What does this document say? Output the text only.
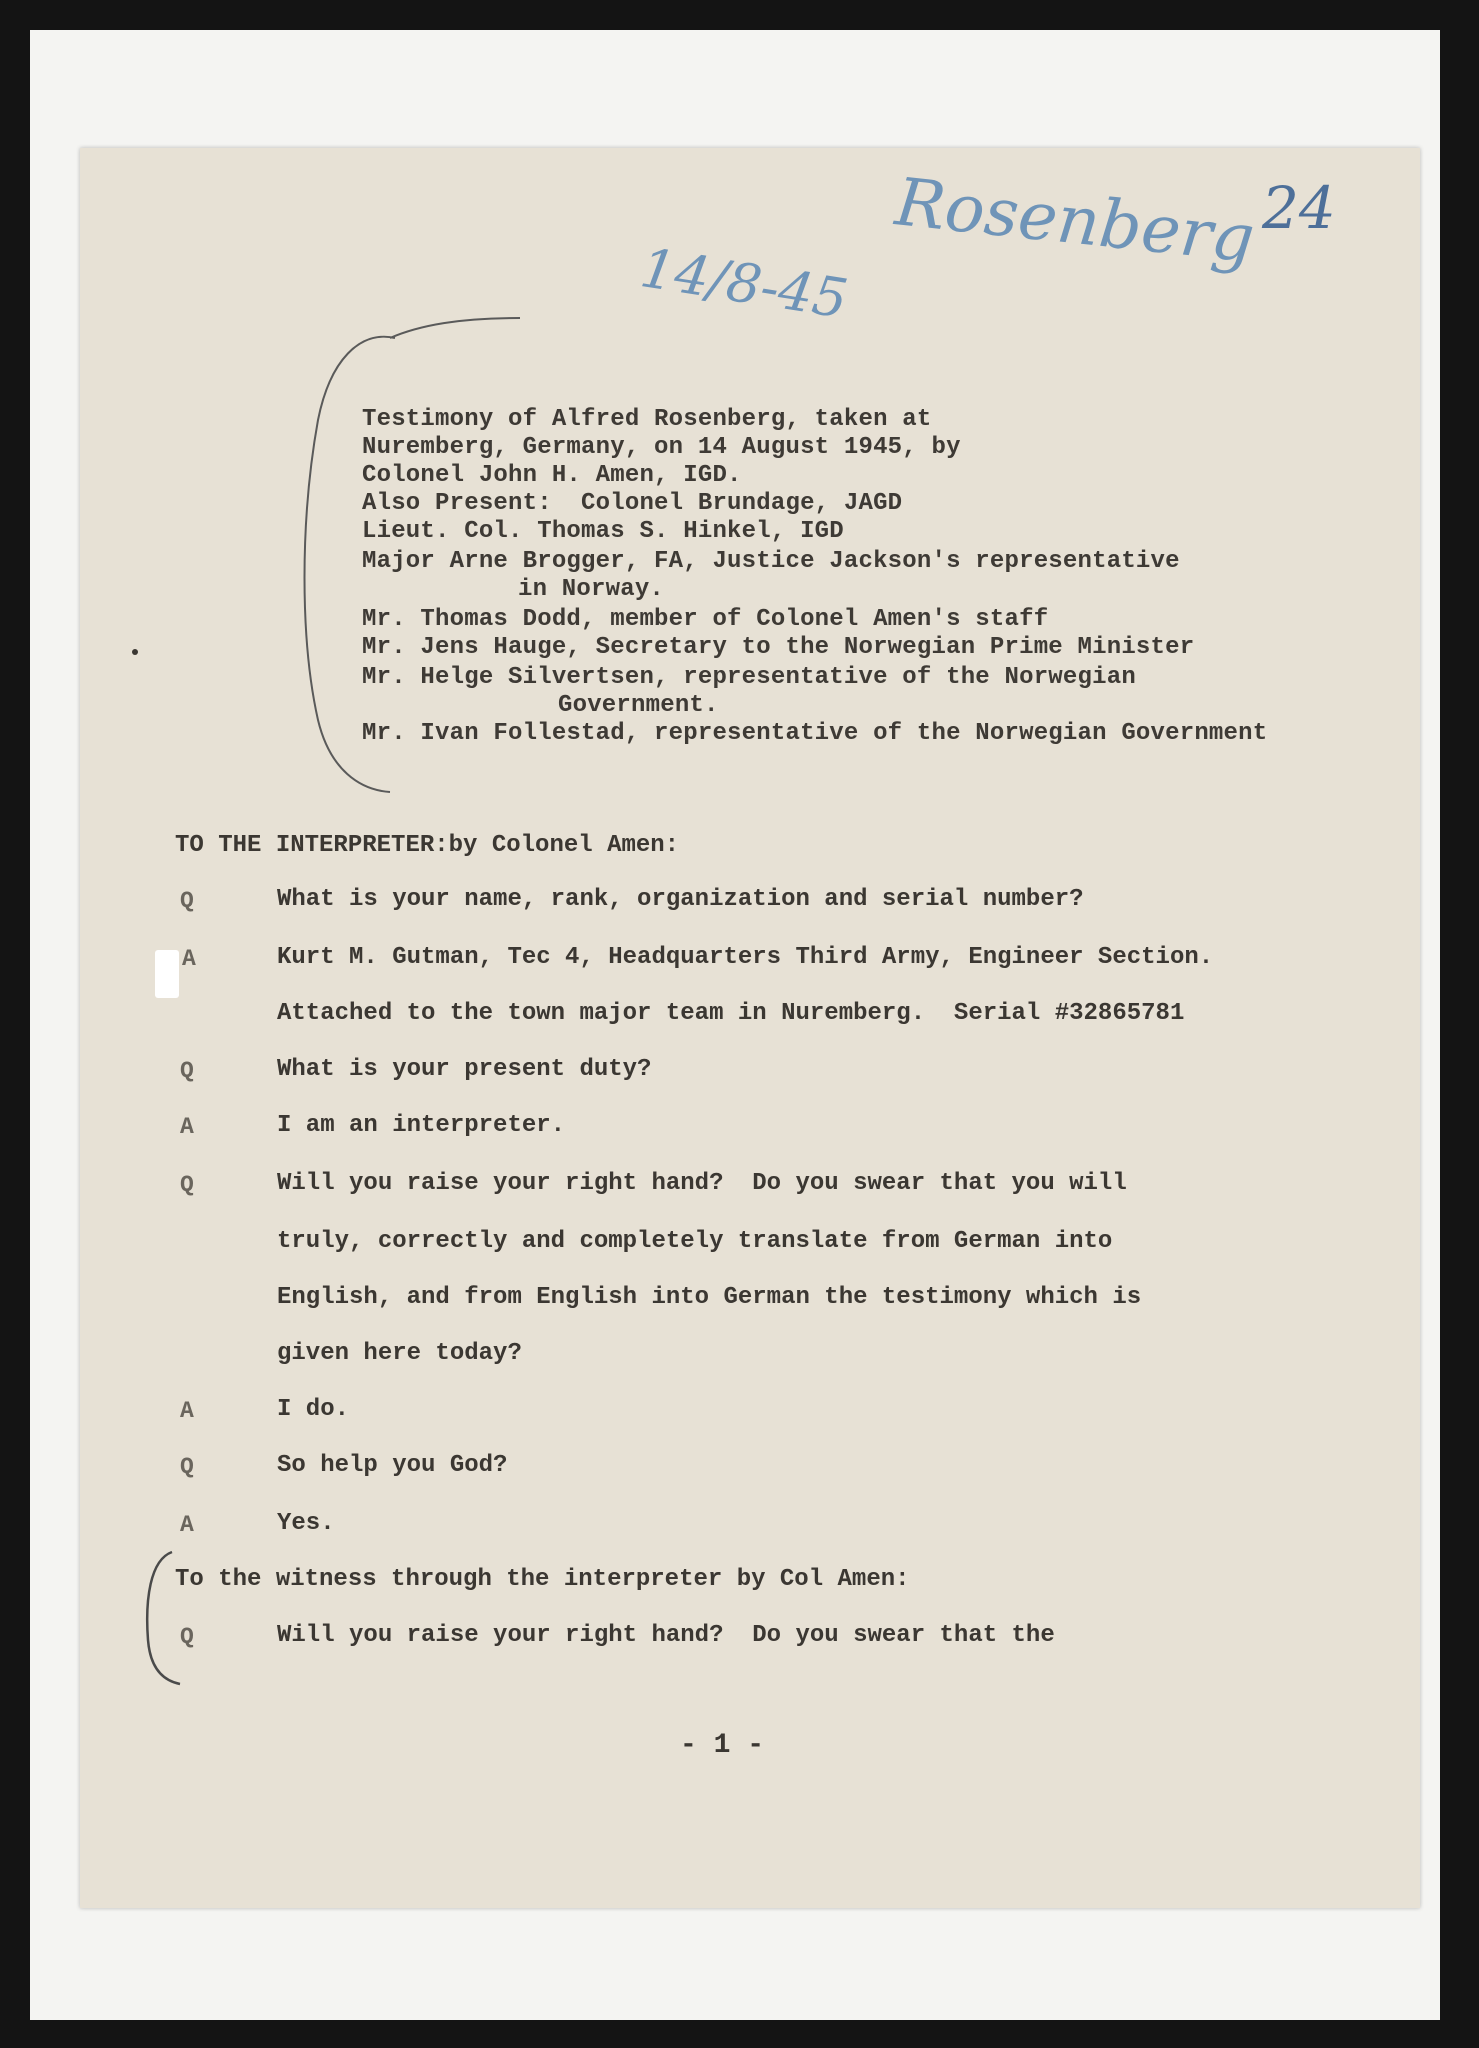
Rosenberg 24
14/8-45
Testimony of Alfred Rosenberg, taken at
Nuremberg, Germany, on 14 August 1945, by
Colonel John H. Amen, IGD.
Also Present:  Colonel Brundage, JAGD
Lieut. Col. Thomas S. Hinkel, IGD
Major Arne Brogger, FA, Justice Jackson's representative
in Norway.
Mr. Thomas Dodd, member of Colonel Amen's staff
Mr. Jens Hauge, Secretary to the Norwegian Prime Minister
Mr. Helge Silvertsen, representative of the Norwegian
Government.
Mr. Ivan Follestad, representative of the Norwegian Government
TO THE INTERPRETER:by Colonel Amen:
Q	What is your name, rank, organization and serial number?
A	Kurt M. Gutman, Tec 4, Headquarters Third Army, Engineer Section.
Attached to the town major team in Nuremberg.  Serial #32865781
Q	What is your present duty?
A	I am an interpreter.
Q	Will you raise your right hand?  Do you swear that you will
truly, correctly and completely translate from German into
English, and from English into German the testimony which is
given here today?
A	I do.
Q	So help you God?
A	Yes.
To the witness through the interpreter by Col Amen:
Q	Will you raise your right hand?  Do you swear that the
- 1 -
